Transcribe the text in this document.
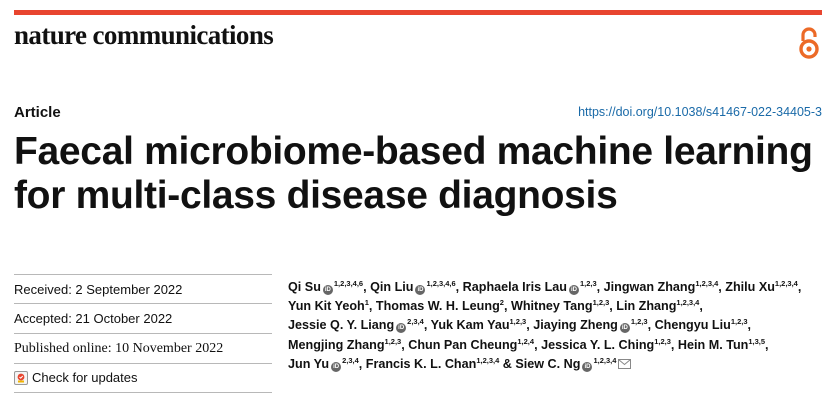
nature communications
Article	https://doi.org/10.1038/s41467-022-34405-3
Faecal microbiome-based machine learning
for multi-class disease diagnosis
Received: 2 September 2022
Accepted: 21 October 2022
Published online: 10 November 2022
Check for updates
Qi Su iD$^{1,2,3,4,6}$, Qin Liu iD$^{1,2,3,4,6}$, Raphaela Iris Lau iD$^{1,2,3}$, Jingwan Zhang$^{1,2,3,4}$, Zhilu Xu$^{1,2,3,4}$, Yun Kit Yeoh$^1$, Thomas W. H. Leung$^2$, Whitney Tang$^{1,2,3}$, Lin Zhang$^{1,2,3,4}$, Jessie Q. Y. Liang iD$^{2,3,4}$, Yuk Kam Yau$^{1,2,3}$, Jiaying Zheng iD$^{1,2,3}$, Chengyu Liu$^{1,2,3}$, Mengjing Zhang$^{1,2,3}$, Chun Pan Cheung$^{1,2,4}$, Jessica Y. L. Ching$^{1,2,3}$, Hein M. Tun$^{1,3,5}$, Jun Yu iD$^{2,3,4}$, Francis K. L. Chan$^{1,2,3,4}$ & Siew C. Ng iD$^{1,2,3,4}$
